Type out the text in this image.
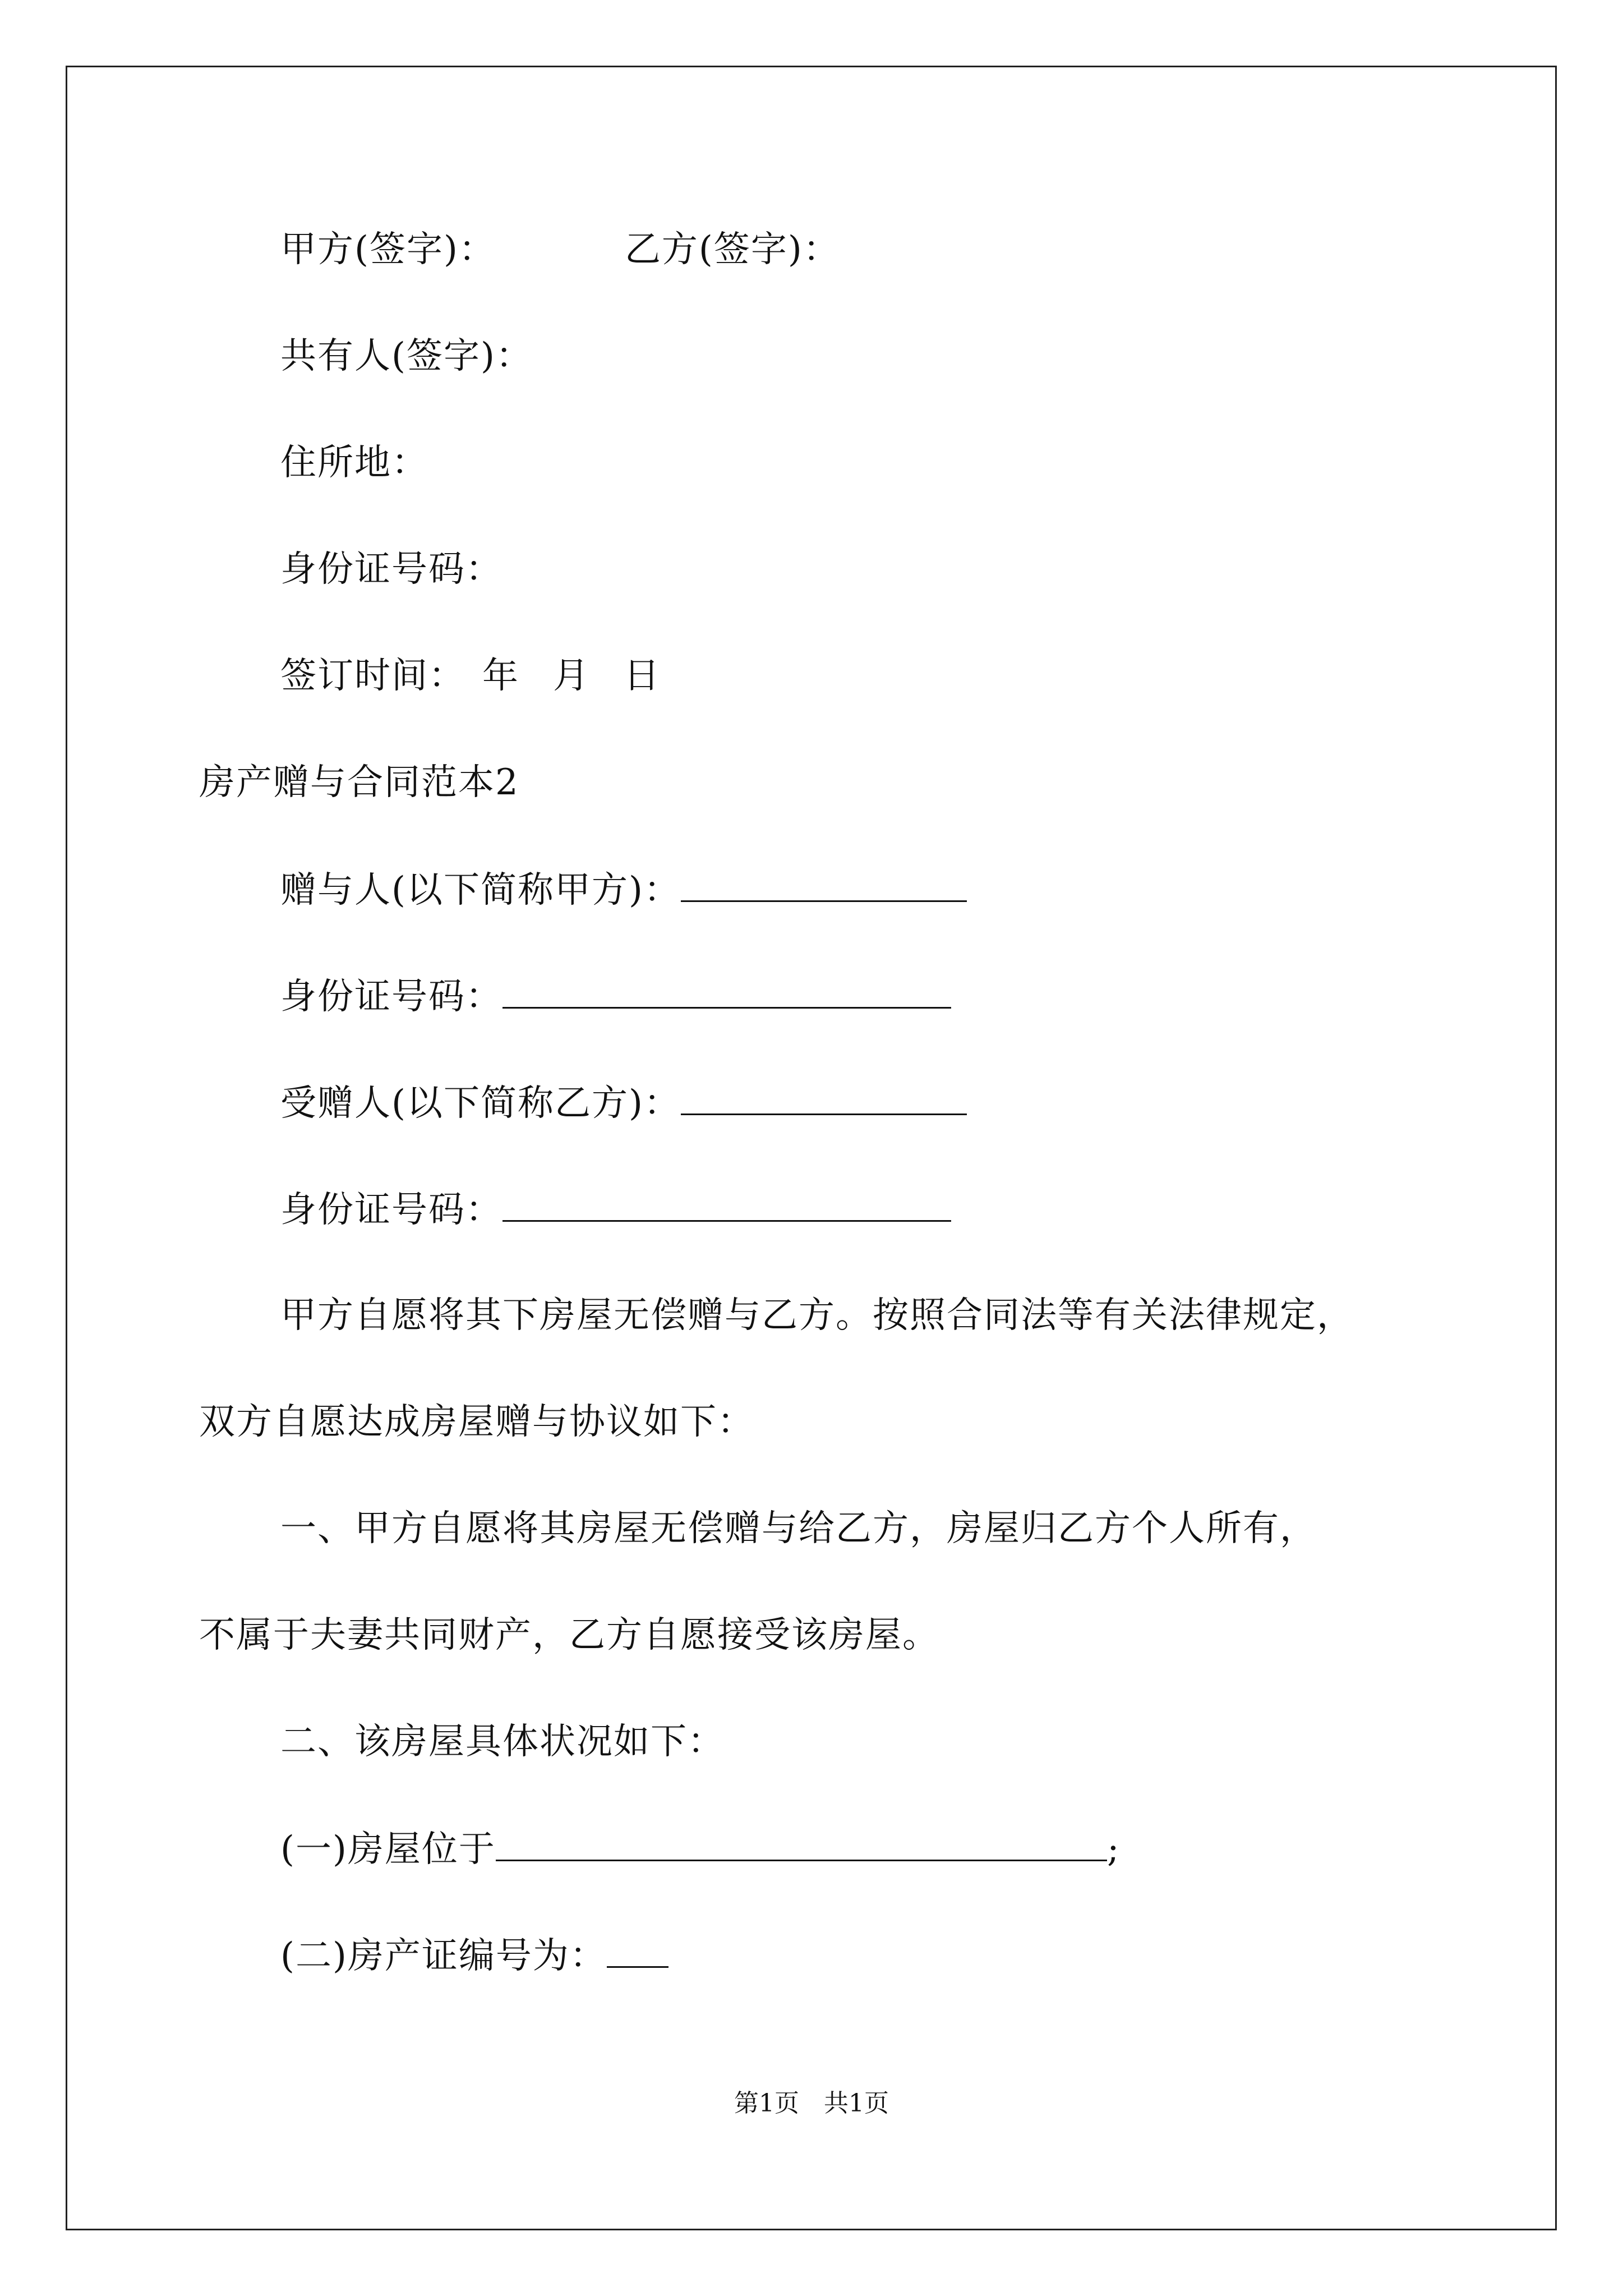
甲方(签字)：	乙方(签字)：
共有人(签字)：
住所地：
身份证号码：
签订时间： 年 月 日
房产赠与合同范本2
赠与人(以下简称甲方)：
身份证号码：
受赠人(以下简称乙方)：
身份证号码：
甲方自愿将其下房屋无偿赠与乙方。按照合同法等有关法律规定，
双方自愿达成房屋赠与协议如下：
一、甲方自愿将其房屋无偿赠与给乙方，房屋归乙方个人所有，
不属于夫妻共同财产，乙方自愿接受该房屋。
二、该房屋具体状况如下：
(一)房屋位于	;
(二)房产证编号为：
第1页　共1页
